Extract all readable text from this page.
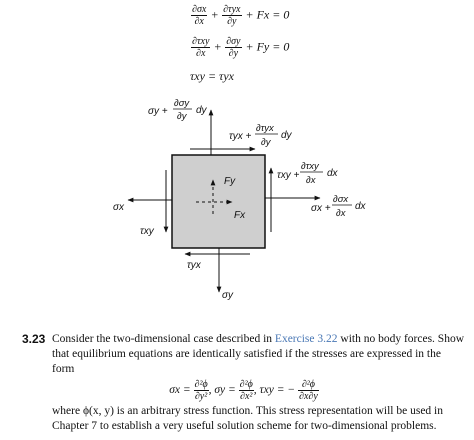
$\frac{\partial\sigma x}{\partial x} + \frac{\text{∂τyx}}{\partial y} + Fx = 0$
$\frac{\text{∂τxy}}{\partial x} + \frac{\partial\sigma y}{\partial y} + Fy = 0$
τxy = τyx
σy +
∂σy
∂y
dy
τyx +
∂τyx
∂y
dy
τxy +
∂τxy
∂x
dx
σx +
∂σx
∂x
dx
σx
τxy
τyx
σy
Fy
Fx
3.23 Consider the two-dimensional case described in Exercise 3.22 with no body forces. Show that equilibrium equations are identically satisfied if the stresses are expressed in the form
$\sigma x = \frac{\text{∂²ϕ}}{\text{∂y²}}$ , $\sigma y = \frac{\text{∂²ϕ}}{\text{∂x²}}$ , τxy = − $\frac{\text{∂²ϕ}}{\partial x\partial y}$
where ϕ(x, y) is an arbitrary stress function. This stress representation will be used in Chapter 7 to establish a very useful solution scheme for two-dimensional problems.
